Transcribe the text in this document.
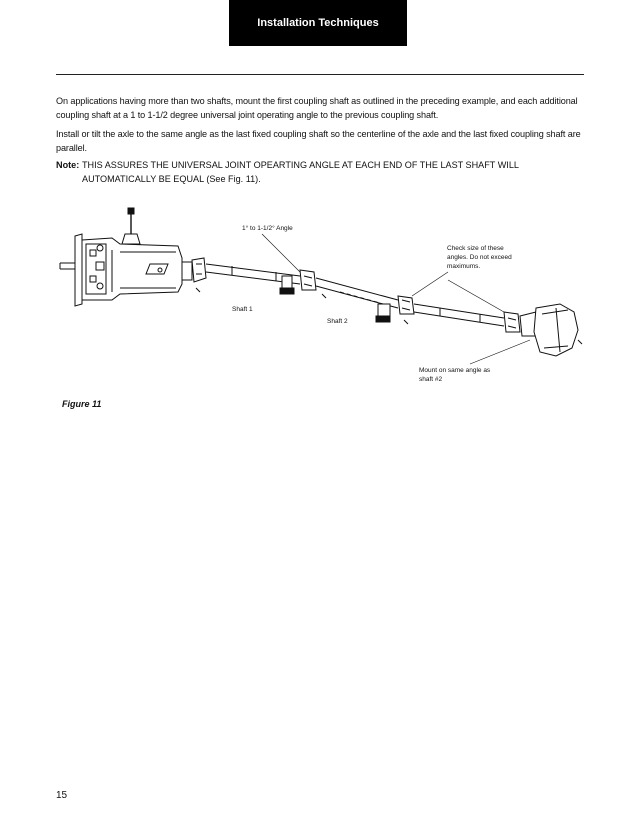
Installation Techniques
On applications having more than two shafts, mount the first coupling shaft as outlined in the preceding example, and each additional coupling shaft at a 1 to 1-1/2 degree universal joint operating angle to the previous coupling shaft.
Install or tilt the axle to the same angle as the last fixed coupling shaft so the centerline of the axle and the last fixed coupling shaft are parallel.
Note: THIS ASSURES THE UNIVERSAL JOINT OPEARTING ANGLE AT EACH END OF THE LAST SHAFT WILL AUTOMATICALLY BE EQUAL (See Fig. 11).
1° to 1-1/2° Angle
Check size of these angles. Do not exceed maximums.
Shaft 1
Shaft 2
Mount on same angle as shaft #2
Figure 11
15
